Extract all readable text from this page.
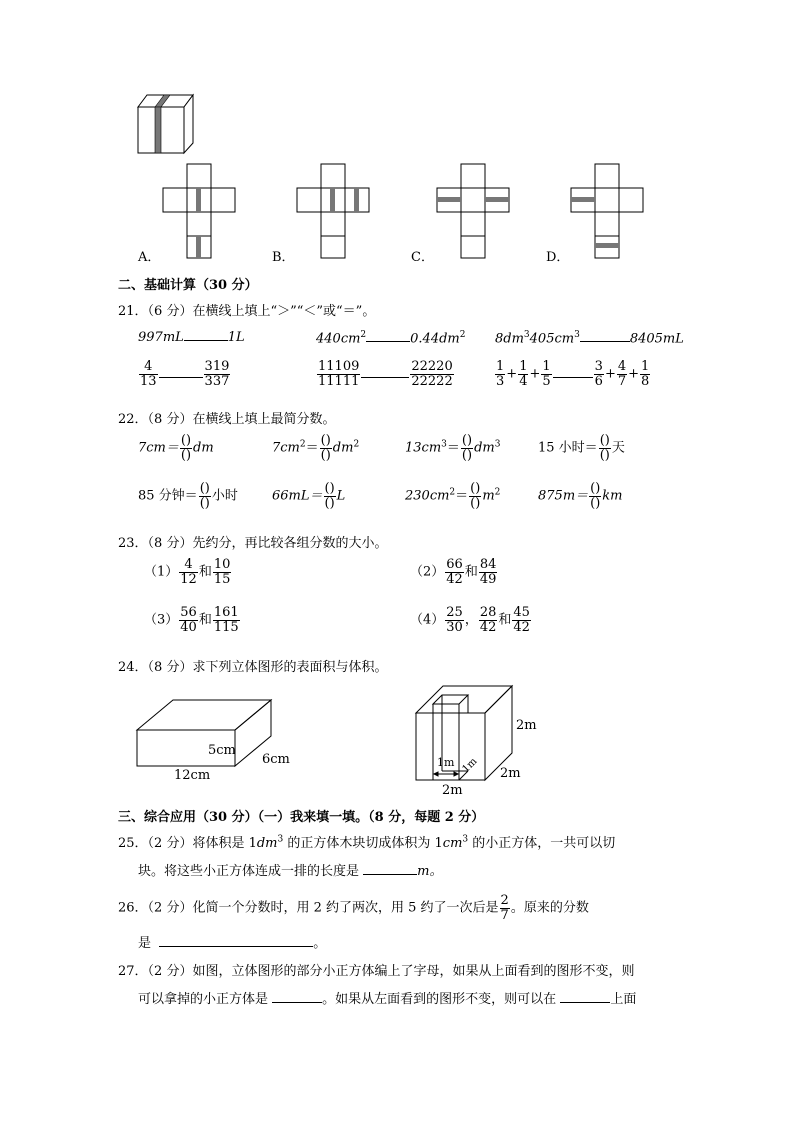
A．	B．	C．	D．
二、基础计算（30 分）
21．（6 分）在横线上填上“＞”“＜”或“＝”。
997mL	1L	$440cm^2$	$0.44dm^2$ $8dm^3405cm^3$	8405mL
$\frac{4}{13}$	$\frac{319}{337}$	$\frac{11109}{11111}$	$\frac{22220}{22222}$	$\frac{1}{3} + \frac{1}{4} + \frac{1}{5}$	$\frac{3}{6} + \frac{4}{7} + \frac{1}{8}$
22．（8 分）在横线上填上最简分数。
$7cm= \frac{()}{()}$ dm	$7cm^2= \frac{()}{()} dm^2$	$13cm^3= \frac{()}{()} dm^3$	15 小时＝ $\frac{()}{()}$ 天
85 分钟＝ $\frac{()}{()}$ 小时	$66mL= \frac{()}{()}$ L	$230cm^2= \frac{()}{()} m^2$	$875m= \frac{()}{()}$ km
23．（8 分）先约分，再比较各组分数的大小。
$(1) \frac{4}{12}$ 和 $\frac{10}{15}$	$(2) \frac{66}{42}$ 和 $\frac{84}{49}$
$(3) \frac{56}{40}$ 和 $\frac{161}{115}$	$(4) \frac{25}{30}$ ， $\frac{28}{42}$ 和 $\frac{45}{42}$
24．（8 分）求下列立体图形的表面积与体积。
5cm
6cm
12cm
2m
2m
2m
1m 1m
三、综合应用（30 分）（一）我来填一填。（8 分，每题 2 分）
25．（2 分）将体积是 $1dm^3$ 的正方体木块切成体积为 $1cm^3$ 的小正方体，一共可以切
块。将这些小正方体连成一排的长度是	m。
26．（2 分）化简一个分数时，用 2 约了两次，用 5 约了一次后是 $\frac{2}{7}$ 。原来的分数
是	。
27．（2 分）如图，立体图形的部分小正方体编上了字母，如果从上面看到的图形不变，则
可以拿掉的小正方体是	。如果从左面看到的图形不变，则可以在	上面
